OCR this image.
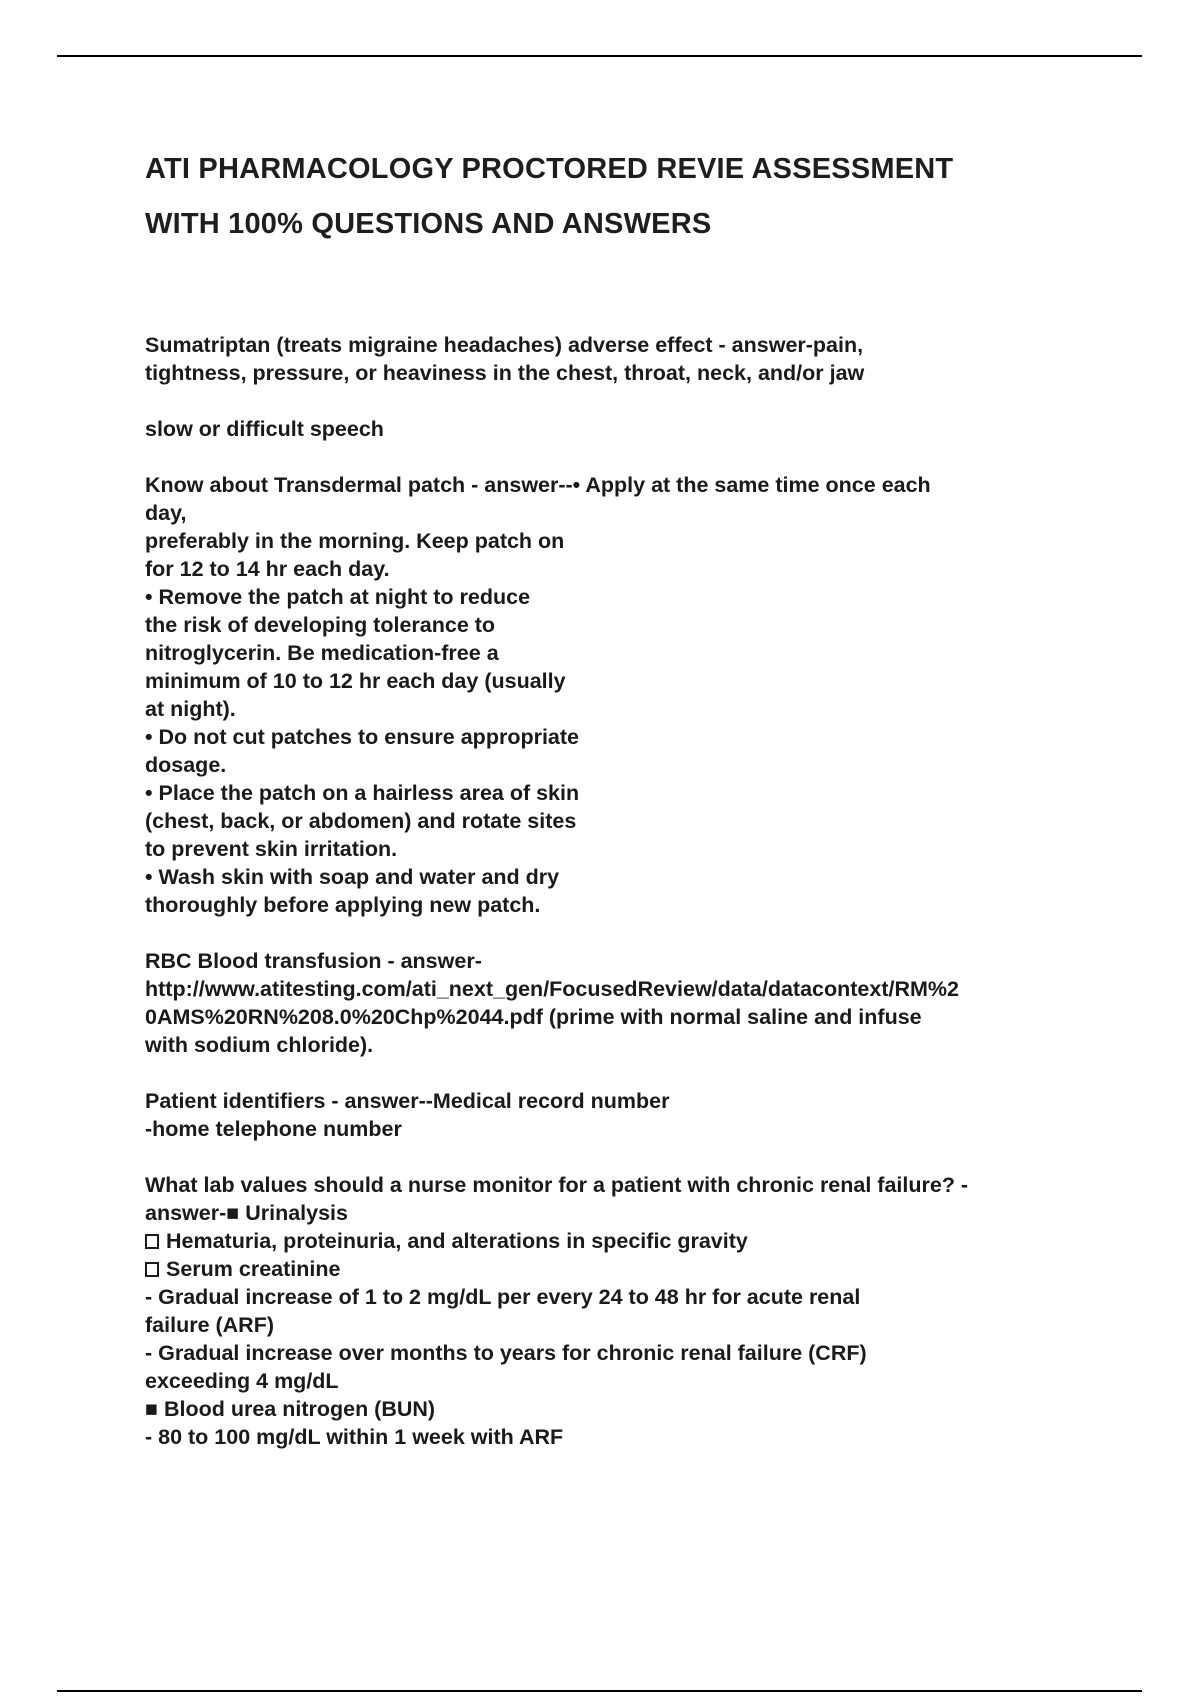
ATI PHARMACOLOGY PROCTORED REVIE ASSESSMENT
WITH 100% QUESTIONS AND ANSWERS
Sumatriptan (treats migraine headaches) adverse effect - answer-pain,
tightness, pressure, or heaviness in the chest, throat, neck, and/or jaw
slow or difficult speech
Know about Transdermal patch - answer--• Apply at the same time once each
day,
preferably in the morning. Keep patch on
for 12 to 14 hr each day.
• Remove the patch at night to reduce
the risk of developing tolerance to
nitroglycerin. Be medication-free a
minimum of 10 to 12 hr each day (usually
at night).
• Do not cut patches to ensure appropriate
dosage.
• Place the patch on a hairless area of skin
(chest, back, or abdomen) and rotate sites
to prevent skin irritation.
• Wash skin with soap and water and dry
thoroughly before applying new patch.
RBC Blood transfusion - answer-
http://www.atitesting.com/ati_next_gen/FocusedReview/data/datacontext/RM%2
0AMS%20RN%208.0%20Chp%2044.pdf (prime with normal saline and infuse
with sodium chloride).
Patient identifiers - answer--Medical record number
-home telephone number
What lab values should a nurse monitor for a patient with chronic renal failure? -
answer-■ Urinalysis
Hematuria, proteinuria, and alterations in specific gravity
Serum creatinine
- Gradual increase of 1 to 2 mg/dL per every 24 to 48 hr for acute renal
failure (ARF)
- Gradual increase over months to years for chronic renal failure (CRF)
exceeding 4 mg/dL
■ Blood urea nitrogen (BUN)
- 80 to 100 mg/dL within 1 week with ARF
